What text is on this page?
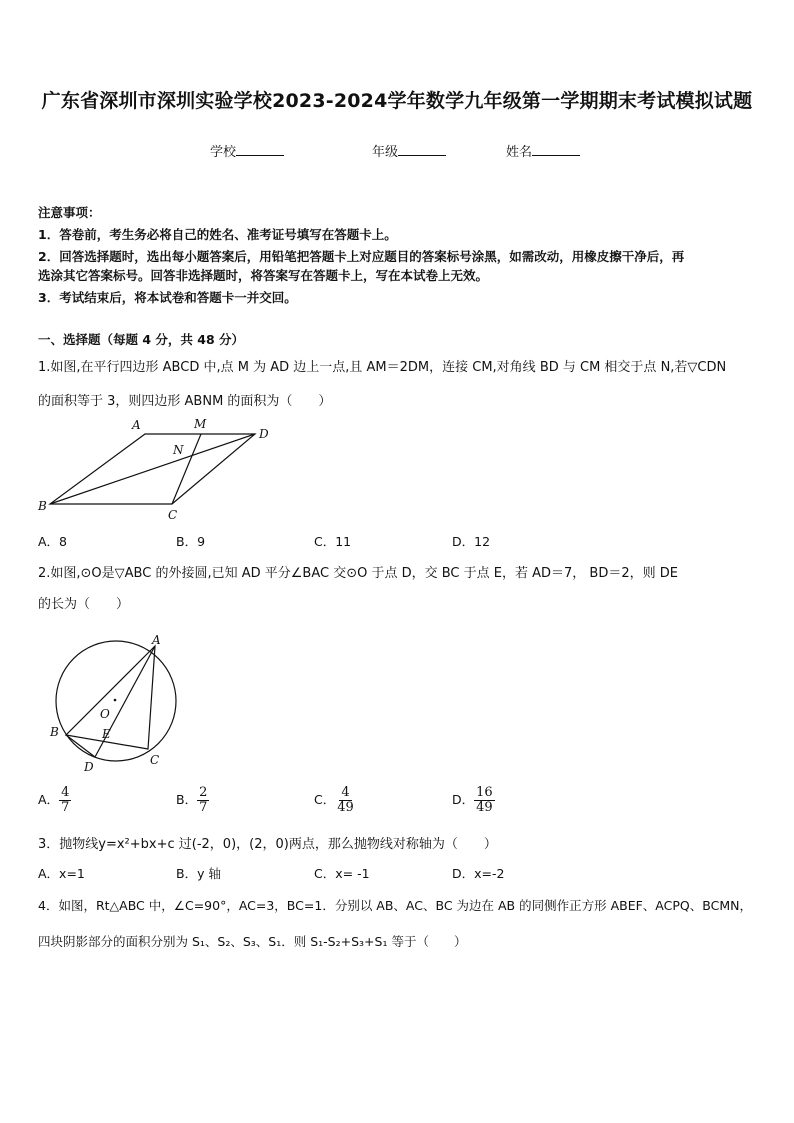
广东省深圳市深圳实验学校2023-2024学年数学九年级第一学期期末考试模拟试题
学校	年级	姓名
注意事项：
1．答卷前，考生务必将自己的姓名、准考证号填写在答题卡上。
2．回答选择题时，选出每小题答案后，用铅笔把答题卡上对应题目的答案标号涂黑，如需改动，用橡皮擦干净后，再
选涂其它答案标号。回答非选择题时，将答案写在答题卡上，写在本试卷上无效。
3．考试结束后，将本试卷和答题卡一并交回。
一、选择题（每题 4 分，共 48 分）
1.如图,在平行四边形 ABCD 中,点 M 为 AD 边上一点,且 AM＝2DM，连接 CM,对角线 BD 与 CM 相交于点 N,若▽CDN
的面积等于 3，则四边形 ABNM 的面积为（　　）
A	M
D
N
B
C
A．8	B．9	C．11	D．12
2.如图,⊙O是▽ABC 的外接圆,已知 AD 平分∠BAC 交⊙O 于点 D，交 BC 于点 E，若 AD＝7， BD＝2，则 DE
的长为（　　）
A
O
B	E
D	C
A． $\frac{4}{7}$	B． $\frac{2}{7}$	C． $\frac{4}{49}$	D． $\frac{16}{49}$
3．抛物线y=x²+bx+c 过(-2，0)，(2，0)两点，那么抛物线对称轴为（　　）
A．x=1	B．y 轴	C．x= -1	D．x=-2
4．如图，Rt△ABC 中，∠C=90°，AC=3，BC=1．分别以 AB、AC、BC 为边在 AB 的同侧作正方形 ABEF、ACPQ、BCMN，
四块阴影部分的面积分别为 S₁、S₂、S₃、S₁．则 S₁-S₂+S₃+S₁ 等于（　　）
